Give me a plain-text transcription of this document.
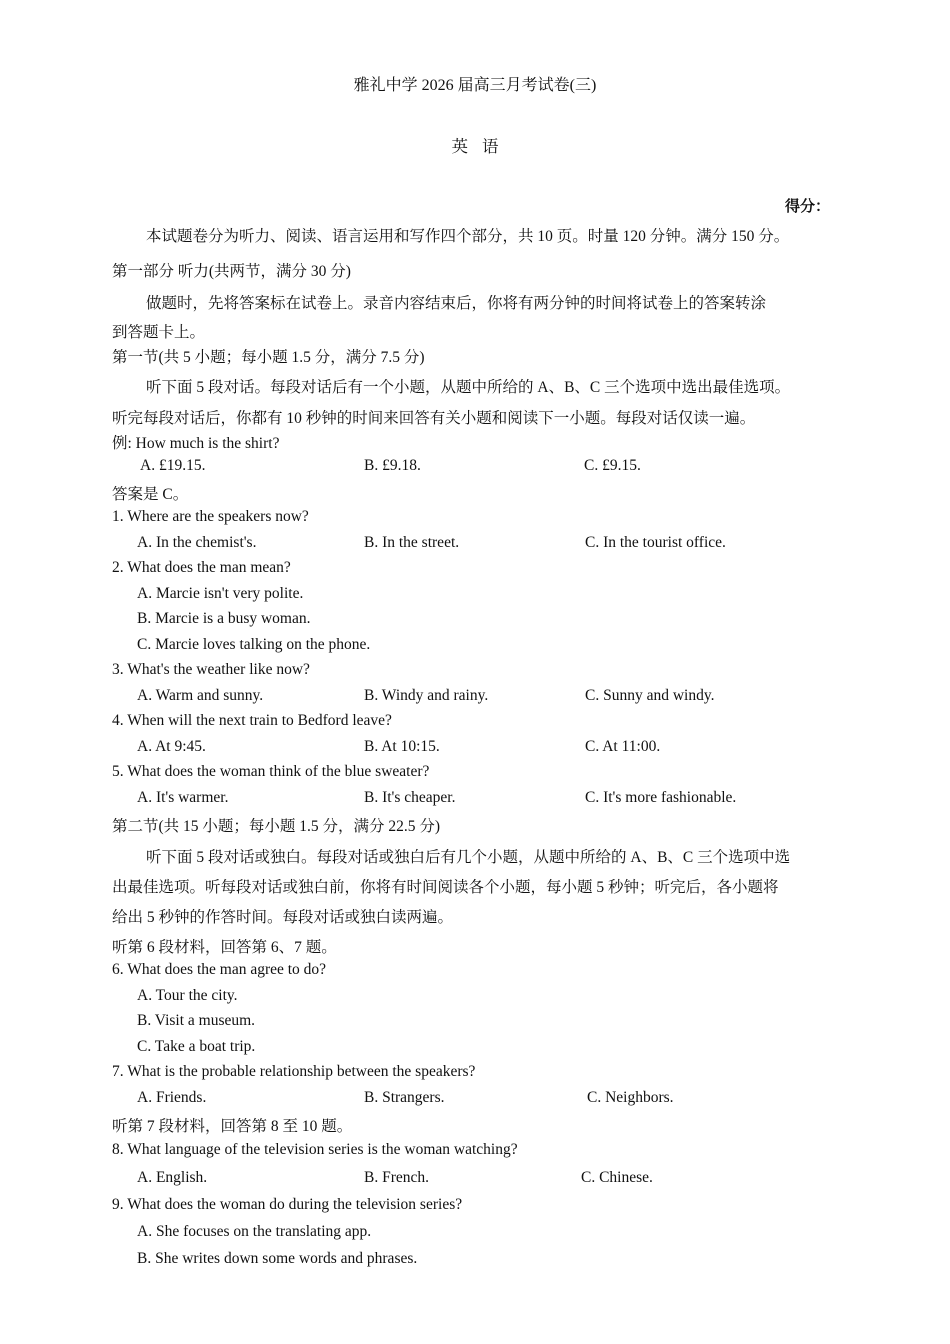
雅礼中学 2026 届高三月考试卷(三)
英语
得分：
本试题卷分为听力、阅读、语言运用和写作四个部分，共 10 页。时量 120 分钟。满分 150 分。
第一部分 听力(共两节，满分 30 分)
做题时，先将答案标在试卷上。录音内容结束后，你将有两分钟的时间将试卷上的答案转涂
到答题卡上。
第一节(共 5 小题；每小题 1.5 分，满分 7.5 分)
听下面 5 段对话。每段对话后有一个小题，从题中所给的 A、B、C 三个选项中选出最佳选项。
听完每段对话后，你都有 10 秒钟的时间来回答有关小题和阅读下一小题。每段对话仅读一遍。
例: How much is the shirt?
A. £19.15.	B. £9.18.	C. £9.15.
答案是 C。
1. Where are the speakers now?
A. In the chemist's.	B. In the street.	C. In the tourist office.
2. What does the man mean?
A. Marcie isn't very polite.
B. Marcie is a busy woman.
C. Marcie loves talking on the phone.
3. What's the weather like now?
A. Warm and sunny.	B. Windy and rainy.	C. Sunny and windy.
4. When will the next train to Bedford leave?
A. At 9:45.	B. At 10:15.	C. At 11:00.
5. What does the woman think of the blue sweater?
A. It's warmer.	B. It's cheaper.	C. It's more fashionable.
第二节(共 15 小题；每小题 1.5 分，满分 22.5 分)
听下面 5 段对话或独白。每段对话或独白后有几个小题，从题中所给的 A、B、C 三个选项中选
出最佳选项。听每段对话或独白前，你将有时间阅读各个小题，每小题 5 秒钟；听完后，各小题将
给出 5 秒钟的作答时间。每段对话或独白读两遍。
听第 6 段材料，回答第 6、7 题。
6. What does the man agree to do?
A. Tour the city.
B. Visit a museum.
C. Take a boat trip.
7. What is the probable relationship between the speakers?
A. Friends.	B. Strangers.	C. Neighbors.
听第 7 段材料，回答第 8 至 10 题。
8. What language of the television series is the woman watching?
A. English.	B. French.	C. Chinese.
9. What does the woman do during the television series?
A. She focuses on the translating app.
B. She writes down some words and phrases.
